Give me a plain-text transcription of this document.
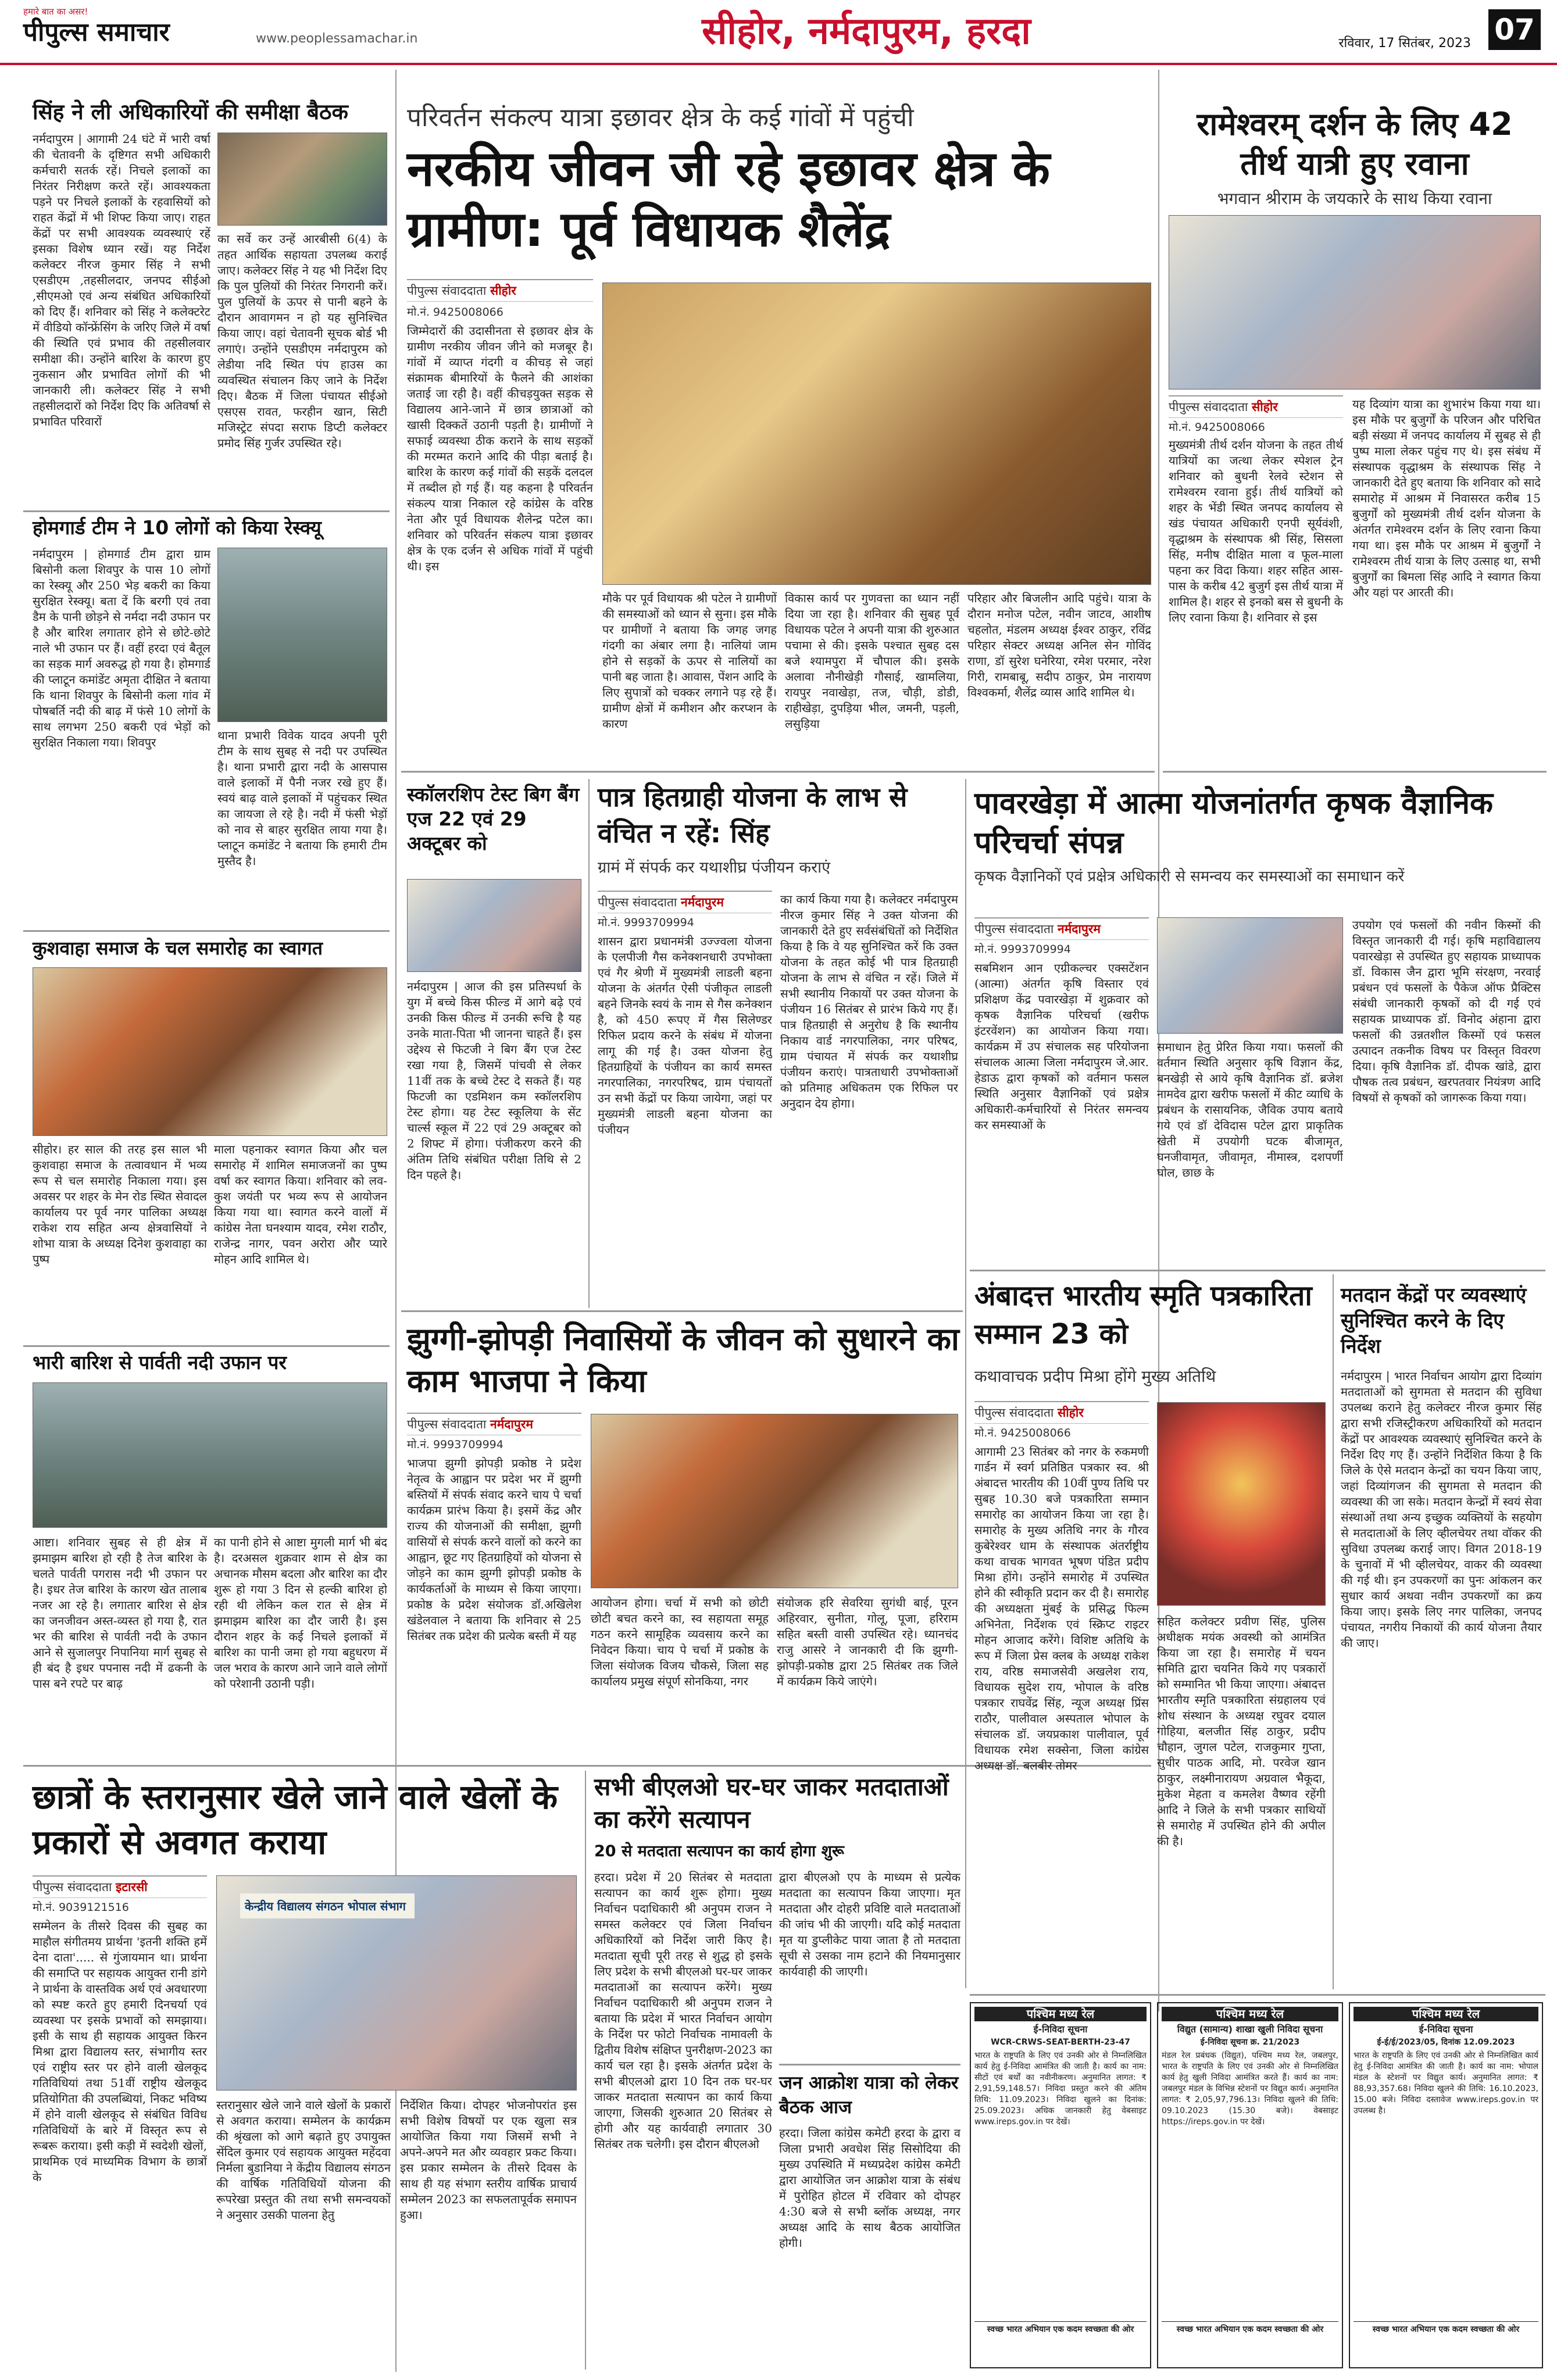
हमारे बात का असर!
पीपुल्स समाचार	www.peoplessamachar.in	सीहोर, नर्मदापुरम, हरदा	रविवार, 17 सितंबर, 2023 07
सिंह ने ली अधिकारियों की समीक्षा बैठक
नर्मदापुरम | आगामी 24 घंटे में भारी वर्षा की चेतावनी के दृष्टिगत सभी अधिकारी कर्मचारी सतर्क रहें। निचले इलाकों का निरंतर निरीक्षण करते रहें। आवश्यकता पड़ने पर निचले इलाकों के रहवासियों को राहत केंद्रों में भी शिफ्ट किया जाए। राहत केंद्रों पर सभी आवश्यक व्यवस्थाएं रहें इसका विशेष ध्यान रखें। यह निर्देश कलेक्टर नीरज कुमार सिंह ने सभी एसडीएम ,तहसीलदार, जनपद सीईओ ,सीएमओ एवं अन्य संबंधित अधिकारियों को दिए हैं। शनिवार को सिंह ने कलेक्टरेट में वीडियो कॉन्फ्रेंसिंग के जरिए जिले में वर्षा की स्थिति एवं प्रभाव की तहसीलवार समीक्षा की। उन्होंने बारिश के कारण हुए नुकसान और प्रभावित लोगों की भी जानकारी ली। कलेक्टर सिंह ने सभी तहसीलदारों को निर्देश दिए कि अतिवर्षा से प्रभावित परिवारों
का सर्वे कर उन्हें आरबीसी 6(4) के तहत आर्थिक सहायता उपलब्ध कराई जाए। कलेक्टर सिंह ने यह भी निर्देश दिए कि पुल पुलियों की निरंतर निगरानी करें। पुल पुलियों के ऊपर से पानी बहने के दौरान आवागमन न हो यह सुनिश्चित किया जाए। वहां चेतावनी सूचक बोर्ड भी लगाएं। उन्होंने एसडीएम नर्मदापुरम को लेडीया नदि स्थित पंप हाउस का व्यवस्थित संचालन किए जाने के निर्देश दिए। बैठक में जिला पंचायत सीईओ एसएस रावत, फरहीन खान, सिटी मजिस्ट्रेट संपदा सराफ डिप्टी कलेक्टर प्रमोद सिंह गुर्जर उपस्थित रहे।
होमगार्ड टीम ने 10 लोगों को किया रेस्क्यू
नर्मदापुरम | होमगार्ड टीम द्वारा ग्राम बिसोनी कला शिवपुर के पास 10 लोगों का रेस्क्यू और 250 भेड़ बकरी का किया सुरक्षित रेस्क्यू। बता दें कि बरगी एवं तवा डैम के पानी छोड़ने से नर्मदा नदी उफान पर है और बारिश लगातार होने से छोटे-छोटे नाले भी उफान पर हैं। वहीं हरदा एवं बैतूल का सड़क मार्ग अवरुद्ध हो गया है। होमगार्ड की प्लाटून कमांडेंट अमृता दीक्षित ने बताया कि थाना शिवपुर के बिसोनी कला गांव में पोषबर्ति नदी की बाढ़ में फंसे 10 लोगों के साथ लगभग 250 बकरी एवं भेड़ों को सुरक्षित निकाला गया। शिवपुर	थाना प्रभारी विवेक यादव अपनी पूरी टीम के साथ सुबह से नदी पर उपस्थित है। थाना प्रभारी द्वारा नदी के आसपास वाले इलाकों में पैनी नजर रखे हुए हैं। स्वयं बाढ़ वाले इलाकों में पहुंचकर स्थित का जायजा ले रहे है। नदी में फंसी भेड़ों को नाव से बाहर सुरक्षित लाया गया है। प्लाटून कमांडेंट ने बताया कि हमारी टीम मुस्तैद है।
कुशवाहा समाज के चल समारोह का स्वागत
सीहोर। हर साल की तरह इस साल भी कुशवाहा समाज के तत्वावधान में भव्य रूप से चल समारोह निकाला गया। इस अवसर पर शहर के मेन रोड स्थित सेवादल कार्यालय पर पूर्व नगर पालिका अध्यक्ष राकेश राय सहित अन्य क्षेत्रवासियों ने शोभा यात्रा के अध्यक्ष दिनेश कुशवाहा का पुष्प
माला पहनाकर स्वागत किया और चल समारोह में शामिल समाजजनों का पुष्प वर्षा कर स्वागत किया। शनिवार को लव-कुश जयंती पर भव्य रूप से आयोजन किया गया था। स्वागत करने वालों में कांग्रेस नेता घनश्याम यादव, रमेश राठौर, राजेन्द्र नागर, पवन अरोरा और प्यारे मोहन आदि शामिल थे।
भारी बारिश से पार्वती नदी उफान पर
आष्टा। शनिवार सुबह से ही क्षेत्र में झमाझम बारिश हो रही है तेज बारिश के चलते पार्वती पगरास नदी भी उफान पर है। इधर तेज बारिश के कारण खेत तालाब नजर आ रहे है। लगातार बारिश से क्षेत्र का जनजीवन अस्त-व्यस्त हो गया है, रात भर की बारिश से पार्वती नदी के उफान आने से सुजालपुर निपानिया मार्ग सुबह से ही बंद है इधर पपनास नदी में ढकनी के पास बने रपटे पर बाढ़
का पानी होने से आष्टा मुगली मार्ग भी बंद है। दरअसल शुक्रवार शाम से क्षेत्र का अचानक मौसम बदला और बारिश का दौर शुरू हो गया 3 दिन से हल्की बारिश हो रही थी लेकिन कल रात से क्षेत्र में झमाझम बारिश का दौर जारी है। इस दौरान शहर के कई निचले इलाकों में बारिश का पानी जमा हो गया बहुधरण में जल भराव के कारण आने जाने वाले लोगों को परेशानी उठानी पड़ी।
परिवर्तन संकल्प यात्रा इछावर क्षेत्र के कई गांवों में पहुंची
नरकीय जीवन जी रहे इछावर क्षेत्र के ग्रामीण: पूर्व विधायक शैलेंद्र
पीपुल्स संवाददाता सीहोर
मो.नं. 9425008066
जिम्मेदारों की उदासीनता से इछावर क्षेत्र के ग्रामीण नरकीय जीवन जीने को मजबूर है। गांवों में व्याप्त गंदगी व कीचड़ से जहां संक्रामक बीमारियों के फैलने की आशंका जताई जा रही है। वहीं कीचड़युक्त सड़क से विद्यालय आने-जाने में छात्र छात्राओं को खासी दिक्कतें उठानी पड़ती है। ग्रामीणों ने सफाई व्यवस्था ठीक कराने के साथ सड़कों की मरम्मत कराने आदि की पीड़ा बताई है। बारिश के कारण कई गांवों की सड़कें दलदल में तब्दील हो गई हैं। यह कहना है परिवर्तन संकल्प यात्रा निकाल रहे कांग्रेस के वरिष्ठ नेता और पूर्व विधायक शैलेन्द्र पटेल का। शनिवार को परिवर्तन संकल्प यात्रा इछावर क्षेत्र के एक दर्जन से अधिक गांवों में पहुंची थी। इस
मौके पर पूर्व विधायक श्री पटेल ने ग्रामीणों की समस्याओं को ध्यान से सुना। इस मौके पर ग्रामीणों ने बताया कि जगह जगह गंदगी का अंबार लगा है। नालियां जाम होने से सड़कों के ऊपर से नालियों का पानी बह जाता है। आवास, पेंशन आदि के लिए सुपात्रों को चक्कर लगाने पड़ रहे हैं। ग्रामीण क्षेत्रों में कमीशन और करप्शन के कारण
विकास कार्य पर गुणवत्ता का ध्यान नहीं दिया जा रहा है। शनिवार की सुबह पूर्व विधायक पटेल ने अपनी यात्रा की शुरुआत पचामा से की। इसके पश्चात सुबह दस बजे श्यामपुरा में चौपाल की। इसके अलावा नौनीखेड़ी गौसाई, खामलिया, रायपुर नवाखेड़ा, तज, चौड़ी, डोडी, राहीखेड़ा, दुपड़िया भील, जमनी, पड़ली, लसुड़िया
परिहार और बिजलीन आदि पहुंचे। यात्रा के दौरान मनोज पटेल, नवीन जाटव, आशीष चहलोत, मंडलम अध्यक्ष ईश्वर ठाकुर, रविंद्र परिहार सेक्टर अध्यक्ष अनिल सेन गोविंद राणा, डॉ सुरेश घनेरिया, रमेश परमार, नरेश गिरी, रामबाबू, सदीप ठाकुर, प्रेम नारायण विश्वकर्मा, शैलेंद्र व्यास आदि शामिल थे।
रामेश्वरम् दर्शन के लिए 42 तीर्थ यात्री हुए रवाना
भगवान श्रीराम के जयकारे के साथ किया रवाना
पीपुल्स संवाददाता सीहोर
मो.नं. 9425008066
मुख्यमंत्री तीर्थ दर्शन योजना के तहत तीर्थ यात्रियों का जत्था लेकर स्पेशल ट्रेन शनिवार को बुधनी रेलवे स्टेशन से रामेश्वरम रवाना हुई। तीर्थ यात्रियों को शहर के भेंडी स्थित जनपद कार्यालय से खंड पंचायत अधिकारी एनपी सूर्यवंशी, वृद्धाश्रम के संस्थापक श्री सिंह, सिसला सिंह, मनीष दीक्षित माला व फूल-माला पहना कर विदा किया। शहर सहित आस-पास के करीब 42 बुजुर्ग इस तीर्थ यात्रा में शामिल है। शहर से इनको बस से बुधनी के लिए रवाना किया है। शनिवार से इस
यह दिव्यांग यात्रा का शुभारंभ किया गया था। इस मौके पर बुजुर्गों के परिजन और परिचित बड़ी संख्या में जनपद कार्यालय में सुबह से ही पुष्प माला लेकर पहुंच गए थे। इस संबंध में संस्थापक वृद्धाश्रम के संस्थापक सिंह ने जानकारी देते हुए बताया कि शनिवार को सादे समारोह में आश्रम में निवासरत करीब 15 बुजुर्गों को मुख्यमंत्री तीर्थ दर्शन योजना के अंतर्गत रामेश्वरम दर्शन के लिए रवाना किया गया था। इस मौके पर आश्रम में बुजुर्गों ने रामेश्वरम तीर्थ यात्रा के लिए उत्साह था, सभी बुजुर्गों का बिमला सिंह आदि ने स्वागत किया और यहां पर आरती की।
स्कॉलरशिप टेस्ट बिग बैंग एज 22 एवं 29 अक्टूबर को
नर्मदापुरम | आज की इस प्रतिस्पर्धा के युग में बच्चे किस फील्ड में आगे बढ़े एवं उनकी किस फील्ड में उनकी रूचि है यह उनके माता-पिता भी जानना चाहते हैं। इस उद्देश्य से फिटजी ने बिग बैंग एज टेस्ट रखा गया है, जिसमें पांचवी से लेकर 11वीं तक के बच्चे टेस्ट दे सकते हैं। यह फिटजी का एडमिशन कम स्कॉलरशिप टेस्ट होगा। यह टेस्ट स्कूलिया के सेंट चार्ल्स स्कूल में 22 एवं 29 अक्टूबर को 2 शिफ्ट में होगा। पंजीकरण करने की अंतिम तिथि संबंधित परीक्षा तिथि से 2 दिन पहले है।
पात्र हितग्राही योजना के लाभ से वंचित न रहें: सिंह
ग्रामं में संपर्क कर यथाशीघ्र पंजीयन कराएं
पीपुल्स संवाददाता नर्मदापुरम
मो.नं. 9993709994
शासन द्वारा प्रधानमंत्री उज्ज्वला योजना के एलपीजी गैस कनेक्शनधारी उपभोक्ता एवं गैर श्रेणी में मुख्यमंत्री लाडली बहना योजना के अंतर्गत ऐसी पंजीकृत लाडली बहने जिनके स्वयं के नाम से गैस कनेक्शन है, को 450 रूपए में गैस सिलेण्डर रिफिल प्रदाय करने के संबंध में योजना लागू की गई है। उक्त योजना हेतु हितग्राहियों के पंजीयन का कार्य समस्त नगरपालिका, नगरपरिषद, ग्राम पंचायतों उन सभी केंद्रों पर किया जायेगा, जहां पर मुख्यमंत्री लाडली बहना योजना का पंजीयन
का कार्य किया गया है। कलेक्टर नर्मदापुरम नीरज कुमार सिंह ने उक्त योजना की जानकारी देते हुए सर्वसंबंधितों को निर्देशित किया है कि वे यह सुनिश्चित करें कि उक्त योजना के तहत कोई भी पात्र हितग्राही योजना के लाभ से वंचित न रहें। जिले में सभी स्थानीय निकायों पर उक्त योजना के पंजीयन 16 सितंबर से प्रारंभ किये गए हैं। पात्र हितग्राही से अनुरोध है कि स्थानीय निकाय वार्ड नगरपालिका, नगर परिषद, ग्राम पंचायत में संपर्क कर यथाशीघ्र पंजीयन कराएं। पात्रताधारी उपभोक्ताओं को प्रतिमाह अधिकतम एक रिफिल पर अनुदान देय होगा।
पावरखेड़ा में आत्मा योजनांतर्गत कृषक वैज्ञानिक परिचर्चा संपन्न
कृषक वैज्ञानिकों एवं प्रक्षेत्र अधिकारी से समन्वय कर समस्याओं का समाधान करें
पीपुल्स संवाददाता नर्मदापुरम
मो.नं. 9993709994
सबमिशन आन एग्रीकल्चर एक्सटेंशन (आत्मा) अंतर्गत कृषि विस्तार एवं प्रशिक्षण केंद्र पवारखेड़ा में शुक्रवार को कृषक वैज्ञानिक परिचर्चा (खरीफ इंटरवेंशन) का आयोजन किया गया। कार्यक्रम में उप संचालक सह परियोजना संचालक आत्मा जिला नर्मदापुरम जे.आर. हेडाऊ द्वारा कृषकों को वर्तमान फसल स्थिति अनुसार वैज्ञानिकों एवं प्रक्षेत्र अधिकारी-कर्मचारियों से निरंतर समन्वय कर समस्याओं के
समाधान हेतु प्रेरित किया गया। फसलों की वर्तमान स्थिति अनुसार कृषि विज्ञान केंद्र, बनखेड़ी से आये कृषि वैज्ञानिक डॉ. ब्रजेश नामदेव द्वारा खरीफ फसलों में कीट व्याधि के प्रबंधन के रासायनिक, जैविक उपाय बताये गये एवं डॉ देविदास पटेल द्वारा प्राकृतिक खेती में उपयोगी घटक बीजामृत, घनजीवामृत, जीवामृत, नीमास्त्र, दशपर्णी घोल, छाछ के
उपयोग एवं फसलों की नवीन किस्मों की विस्तृत जानकारी दी गई। कृषि महाविद्यालय पवारखेड़ा से उपस्थित हुए सहायक प्राध्यापक डॉ. विकास जैन द्वारा भूमि संरक्षण, नरवाई प्रबंधन एवं फसलों के पैकेज ऑफ प्रैक्टिस संबंधी जानकारी कृषकों को दी गई एवं सहायक प्राध्यापक डॉ. विनोद अंहाना द्वारा फसलों की उन्नतशील किस्मों एवं फसल उत्पादन तकनीक विषय पर विस्तृत विवरण दिया। कृषि वैज्ञानिक डॉ. दीपक खांडे, द्वारा पौषक तत्व प्रबंधन, खरपतवार नियंत्रण आदि विषयों से कृषकों को जागरूक किया गया।
झुग्गी-झोपड़ी निवासियों के जीवन को सुधारने का काम भाजपा ने किया
पीपुल्स संवाददाता नर्मदापुरम
मो.नं. 9993709994
भाजपा झुग्गी झोपड़ी प्रकोष्ठ ने प्रदेश नेतृत्व के आह्वान पर प्रदेश भर में झुग्गी बस्तियों में संपर्क संवाद करने चाय पे चर्चा कार्यक्रम प्रारंभ किया है। इसमें केंद्र और राज्य की योजनाओं की समीक्षा, झुग्गी वासियों से संपर्क करने वालों को करने का आह्वान, छूट गए हितग्राहियों को योजना से जोड़ने का काम झुग्गी झोपड़ी प्रकोष्ठ के कार्यकर्ताओं के माध्यम से किया जाएगा। प्रकोष्ठ के प्रदेश संयोजक डॉ.अखिलेश खंडेलवाल ने बताया कि शनिवार से 25 सितंबर तक प्रदेश की प्रत्येक बस्ती में यह
आयोजन होगा। चर्चा में सभी को छोटी छोटी बचत करने का, स्व सहायता समूह गठन करने सामूहिक व्यवसाय करने का निवेदन किया। चाय पे चर्चा में प्रकोष्ठ के जिला संयोजक विजय चौकसे, जिला सह कार्यालय प्रमुख संपूर्ण सोनकिया, नगर
संयोजक हरि सेवरिया सुगंधी बाई, पूरन अहिरवार, सुनीता, गोलू, पूजा, हरिराम सहित बस्ती वासी उपस्थित रहे। ध्यानचंद राजु आसरे ने जानकारी दी कि झुग्गी-झोपड़ी-प्रकोष्ठ द्वारा 25 सितंबर तक जिले में कार्यक्रम किये जाएंगे।
अंबादत्त भारतीय स्मृति पत्रकारिता सम्मान 23 को
कथावाचक प्रदीप मिश्रा होंगे मुख्य अतिथि
पीपुल्स संवाददाता सीहोर
मो.नं. 9425008066
आगामी 23 सितंबर को नगर के रुकमणी गार्डन में स्वर्ग प्रतिष्ठित पत्रकार स्व. श्री अंबादत्त भारतीय की 10वीं पुण्य तिथि पर सुबह 10.30 बजे पत्रकारिता सम्मान समारोह का आयोजन किया जा रहा है। समारोह के मुख्य अतिथि नगर के गौरव कुबेरेश्वर धाम के संस्थापक अंतर्राष्ट्रीय कथा वाचक भागवत भूषण पंडित प्रदीप मिश्रा होंगे। उन्होंने समारोह में उपस्थित होने की स्वीकृति प्रदान कर दी है। समारोह की अध्यक्षता मुंबई के प्रसिद्ध फिल्म अभिनेता, निर्देशक एवं स्क्रिप्ट राइटर मोहन आजाद करेंगे। विशिष्ट अतिथि के रूप में जिला प्रेस क्लब के अध्यक्ष राकेश राय, वरिष्ठ समाजसेवी अखलेश राय, विधायक सुदेश राय, भोपाल के वरिष्ठ पत्रकार राघवेंद्र सिंह, न्यूज अध्यक्ष प्रिंस राठौर, पालीवाल अस्पताल भोपाल के संचालक डॉ. जयप्रकाश पालीवाल, पूर्व विधायक रमेश सक्सेना, जिला कांग्रेस अध्यक्ष डॉ. बलबीर तोमर
सहित कलेक्टर प्रवीण सिंह, पुलिस अधीक्षक मयंक अवस्थी को आमंत्रित किया जा रहा है। समारोह में चयन समिति द्वारा चयनित किये गए पत्रकारों को सम्मानित भी किया जाएगा। अंबादत्त भारतीय स्मृति पत्रकारिता संग्रहालय एवं शोध संस्थान के अध्यक्ष रघुवर दयाल गोहिया, बलजीत सिंह ठाकुर, प्रदीप चौहान, जुगल पटेल, राजकुमार गुप्ता, सुधीर पाठक आदि, मो. परवेज खान ठाकुर, लक्ष्मीनारायण अग्रवाल भैकूदा, मुकेश मेहता व कमलेश वैष्णव रहेंगी आदि ने जिले के सभी पत्रकार साथियों से समारोह में उपस्थित होने की अपील की है।
मतदान केंद्रों पर व्यवस्थाएं सुनिश्चित करने के दिए निर्देश
नर्मदापुरम | भारत निर्वाचन आयोग द्वारा दिव्यांग मतदाताओं को सुगमता से मतदान की सुविधा उपलब्ध कराने हेतु कलेक्टर नीरज कुमार सिंह द्वारा सभी रजिस्ट्रीकरण अधिकारियों को मतदान केंद्रों पर आवश्यक व्यवस्थाएं सुनिश्चित करने के निर्देश दिए गए हैं। उन्होंने निर्देशित किया है कि जिले के ऐसे मतदान केन्द्रों का चयन किया जाए, जहां दिव्यांगजन की सुगमता से मतदान की व्यवस्था की जा सके। मतदान केन्द्रों में स्वयं सेवा संस्थाओं तथा अन्य इच्छुक व्यक्तियों के सहयोग से मतदाताओं के लिए व्हीलचेयर तथा वॉकर की सुविधा उपलब्ध कराई जाए। विगत 2018-19 के चुनावों में भी व्हीलचेयर, वाकर की व्यवस्था की गई थी। इन उपकरणों का पुनः आंकलन कर सुधार कार्य अथवा नवीन उपकरणों का क्रय किया जाए। इसके लिए नगर पालिका, जनपद पंचायत, नगरीय निकायों की कार्य योजना तैयार की जाए।
छात्रों के स्तरानुसार खेले जाने वाले खेलों के प्रकारों से अवगत कराया
पीपुल्स संवाददाता इटारसी
मो.नं. 9039121516
सम्मेलन के तीसरे दिवस की सुबह का माहौल संगीतमय प्रार्थना 'इतनी शक्ति हमें देना दाता'..... से गुंजायमान था। प्रार्थना की समाप्ति पर सहायक आयुक्त रानी डांगे ने प्रार्थना के वास्तविक अर्थ एवं अवधारणा को स्पष्ट करते हुए हमारी दिनचर्या एवं व्यवस्था पर इसके प्रभावों को समझाया। इसी के साथ ही सहायक आयुक्त किरन मिश्रा द्वारा विद्यालय स्तर, संभागीय स्तर एवं राष्ट्रीय स्तर पर होने वाली खेलकूद गतिविधियां तथा 51वीं राष्ट्रीय खेलकूद प्रतियोगिता की उपलब्धियां, निकट भविष्य में होने वाली खेलकूद से संबंधित विविध गतिविधियों के बारे में विस्तृत रूप से रूबरू कराया। इसी कड़ी में स्वदेशी खेलों, प्राथमिक एवं माध्यमिक विभाग के छात्रों के
केन्द्रीय विद्यालय संगठन भोपाल संभाग
स्तरानुसार खेले जाने वाले खेलों के प्रकारों से अवगत कराया। सम्मेलन के कार्यक्रम की श्रृंखला को आगे बढ़ाते हुए उपायुक्त सेंदिल कुमार एवं सहायक आयुक्त महेंदवा निर्मला बुडानिया ने केंद्रीय विद्यालय संगठन की वार्षिक गतिविधियों योजना की रूपरेखा प्रस्तुत की तथा सभी समन्वयकों ने अनुसार उसकी पालना हेतु
निर्देशित किया। दोपहर भोजनोपरांत इस सभी विशेष विषयों पर एक खुला सत्र आयोजित किया गया जिसमें सभी ने अपने-अपने मत और व्यवहार प्रकट किया। इस प्रकार सम्मेलन के तीसरे दिवस के साथ ही यह संभाग स्तरीय वार्षिक प्राचार्य सम्मेलन 2023 का सफलतापूर्वक समापन हुआ।
सभी बीएलओ घर-घर जाकर मतदाताओं का करेंगे सत्यापन
20 से मतदाता सत्यापन का कार्य होगा शुरू
हरदा। प्रदेश में 20 सितंबर से मतदाता सत्यापन का कार्य शुरू होगा। मुख्य निर्वाचन पदाधिकारी श्री अनुपम राजन ने समस्त कलेक्टर एवं जिला निर्वाचन अधिकारियों को निर्देश जारी किए है। मतदाता सूची पूरी तरह से शुद्ध हो इसके लिए प्रदेश के सभी बीएलओ घर-घर जाकर मतदाताओं का सत्यापन करेंगे। मुख्य निर्वाचन पदाधिकारी श्री अनुपम राजन ने बताया कि प्रदेश में भारत निर्वाचन आयोग के निर्देश पर फोटो निर्वाचक नामावली के द्वितीय विशेष संक्षिप्त पुनरीक्षण-2023 का कार्य चल रहा है। इसके अंतर्गत प्रदेश के सभी बीएलओ द्वारा 10 दिन तक घर-घर जाकर मतदाता सत्यापन का कार्य किया जाएगा, जिसकी शुरुआत 20 सितंबर से होगी और यह कार्यवाही लगातार 30 सितंबर तक चलेगी। इस दौरान बीएलओ
द्वारा बीएलओ एप के माध्यम से प्रत्येक मतदाता का सत्यापन किया जाएगा। मृत मतदाता और दोहरी प्रविष्टि वाले मतदाताओं की जांच भी की जाएगी। यदि कोई मतदाता मृत या डुप्लीकेट पाया जाता है तो मतदाता सूची से उसका नाम हटाने की नियमानुसार कार्यवाही की जाएगी।
जन आक्रोश यात्रा को लेकर बैठक आज
हरदा। जिला कांग्रेस कमेटी हरदा के द्वारा व जिला प्रभारी अवधेश सिंह सिसोदिया की मुख्य उपस्थिति में मध्यप्रदेश कांग्रेस कमेटी द्वारा आयोजित जन आक्रोश यात्रा के संबंध में पुरोहित होटल में रविवार को दोपहर 4:30 बजे से सभी ब्लॉक अध्यक्ष, नगर अध्यक्ष आदि के साथ बैठक आयोजित होगी।
पश्चिम मध्य रेल
ई-निविदा सूचना
WCR-CRWS-SEAT-BERTH-23-47
भारत के राष्ट्रपति के लिए एवं उनकी ओर से निम्नलिखित कार्य हेतु ई-निविदा आमंत्रित की जाती है। कार्य का नाम: सीटों एवं बर्थों का नवीनीकरण। अनुमानित लागत: ₹ 2,91,59,148.57। निविदा प्रस्तुत करने की अंतिम तिथि: 11.09.2023। निविदा खुलने का दिनांक: 25.09.2023। अधिक जानकारी हेतु वेबसाइट www.ireps.gov.in पर देखें।
स्वच्छ भारत अभियान एक कदम स्वच्छता की ओर
पश्चिम मध्य रेल
विद्युत (सामान्य) शाखा खुली निविदा सूचना
ई-निविदा सूचना क्र. 21/2023
मंडल रेल प्रबंधक (विद्युत), पश्चिम मध्य रेल, जबलपुर, भारत के राष्ट्रपति के लिए एवं उनकी ओर से निम्नलिखित कार्य हेतु खुली निविदा आमंत्रित करते हैं। कार्य का नाम: जबलपुर मंडल के विभिन्न स्टेशनों पर विद्युत कार्य। अनुमानित लागत: ₹ 2,05,97,796.13। निविदा खुलने की तिथि: 09.10.2023 (15.30 बजे)। वेबसाइट https://ireps.gov.in पर देखें।
स्वच्छ भारत अभियान एक कदम स्वच्छता की ओर
पश्चिम मध्य रेल
ई-निविदा सूचना
ई-ई/ई/2023/05, दिनांक 12.09.2023
भारत के राष्ट्रपति के लिए एवं उनकी ओर से निम्नलिखित कार्य हेतु ई-निविदा आमंत्रित की जाती है। कार्य का नाम: भोपाल मंडल के स्टेशनों पर विद्युत कार्य। अनुमानित लागत: ₹ 88,93,357.68। निविदा खुलने की तिथि: 16.10.2023, 15.00 बजे। निविदा दस्तावेज www.ireps.gov.in पर उपलब्ध है।
स्वच्छ भारत अभियान एक कदम स्वच्छता की ओर
